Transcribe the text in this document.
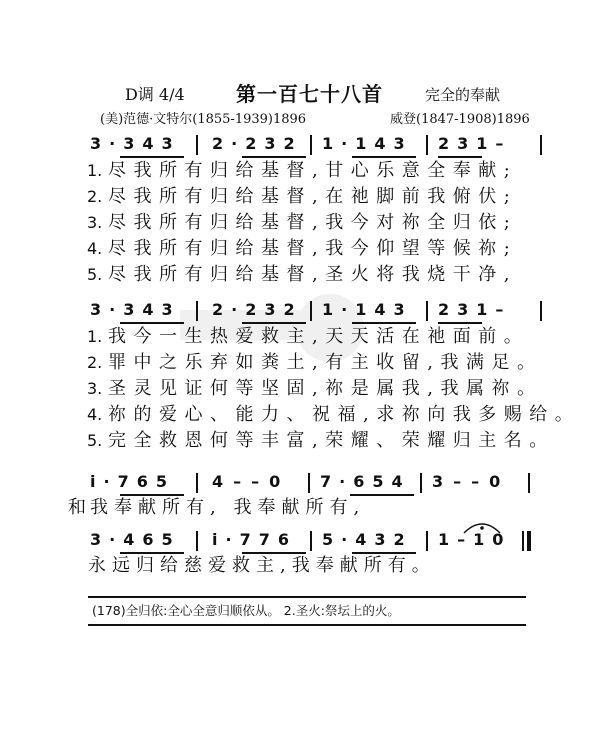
D调 4/4	第一百七十八首	完全的奉献
(美)范德·文特尔(1855-1939)1896	威登(1847-1908)1896
3·343 2·232 1·143 231–
1. 尽我所有归给基督,甘心乐意全奉献;
2. 尽我所有归给基督,在祂脚前我俯伏;
3. 尽我所有归给基督,我今对祢全归依;
4. 尽我所有归给基督,我今仰望等候祢;
5. 尽我所有归给基督,圣火将我烧干净,
3·343 2·232 1·143 231–
1. 我今一生热爱救主,天天活在祂面前。
2. 罪中之乐弃如粪土,有主收留,我满足。
3. 圣灵见证何等坚固,祢是属我,我属祢。
4. 祢的爱心、能力、祝福,求祢向我多赐给。
5. 完全救恩何等丰富,荣耀、荣耀归主名。
i·765 4––0 7·654 3––0
和 我奉献所有, 我奉献所有,
3·465 i·776 5·432 1–10
永远归给慈爱救主,我奉献所有。
(178)全归依:全心全意归顺依从。 2.圣火:祭坛上的火。
